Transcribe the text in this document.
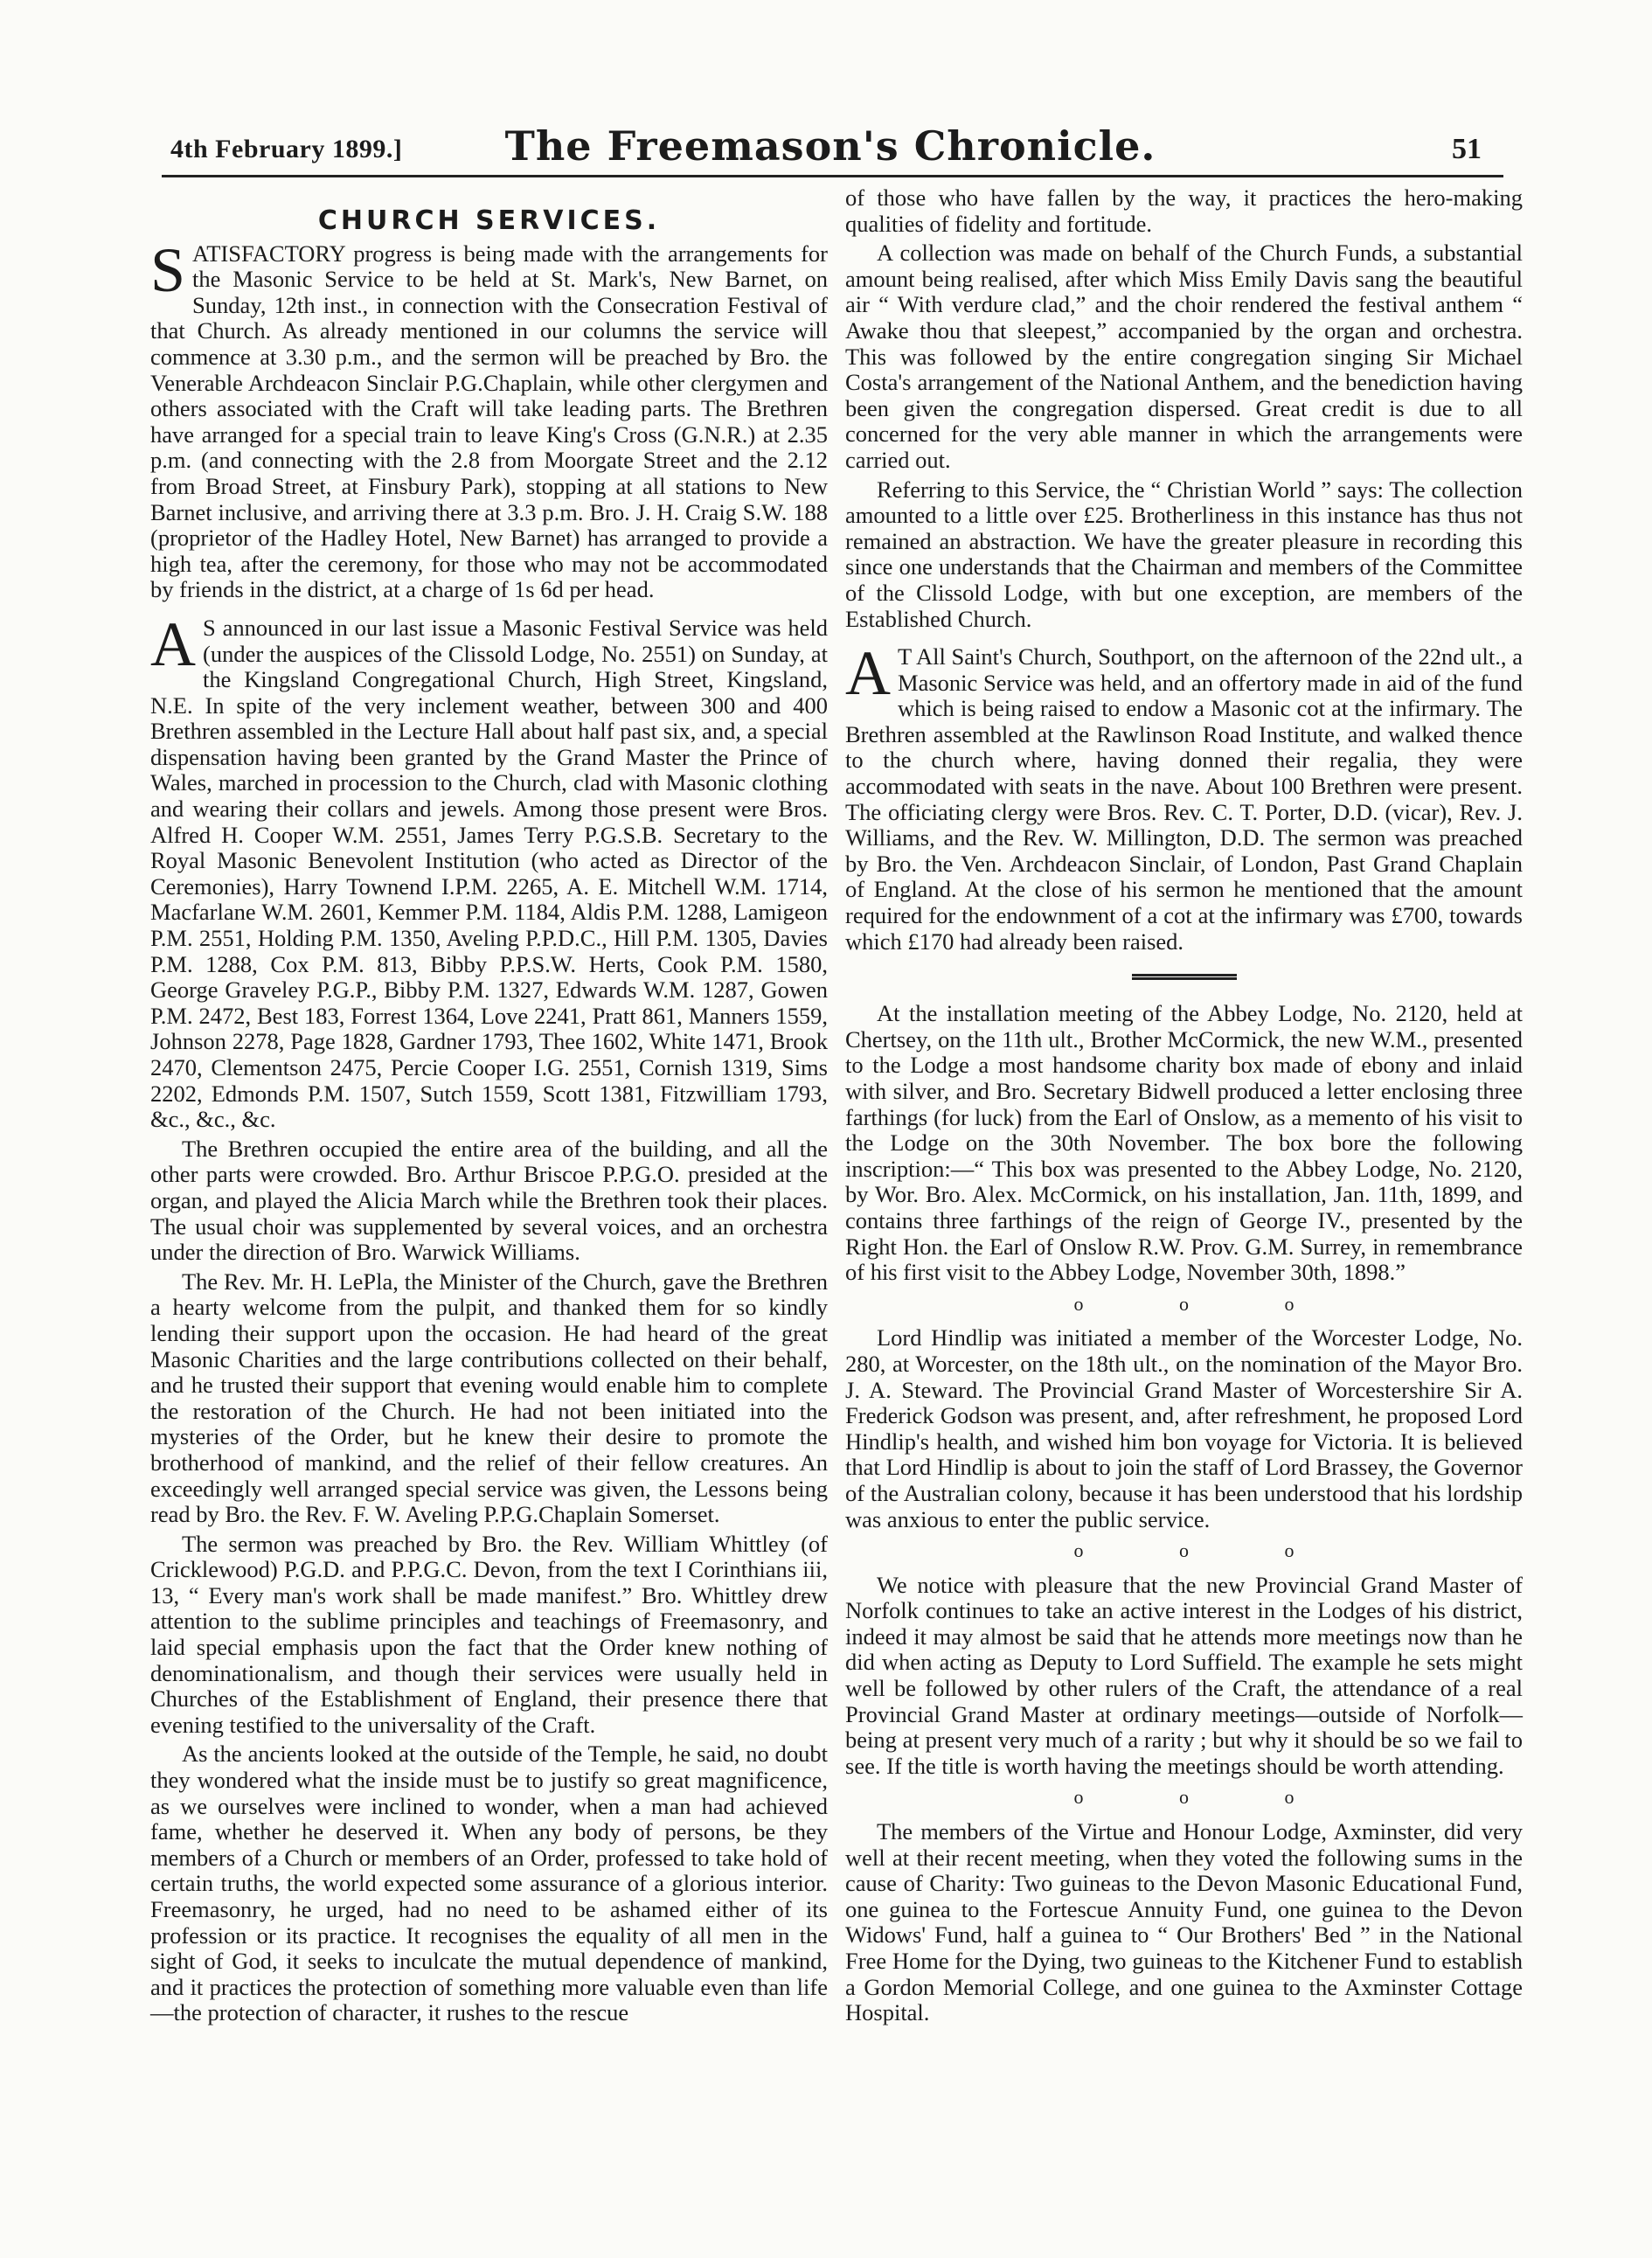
4th February 1899.]	The Freemason's Chronicle.	51
CHURCH SERVICES.

SATISFACTORY progress is being made with the arrangements for the Masonic Service to be held at St. Mark's, New Barnet, on Sunday, 12th inst., in connection with the Consecration Festival of that Church. As already mentioned in our columns the service will commence at 3.30 p.m., and the sermon will be preached by Bro. the Venerable Archdeacon Sinclair P.G.Chaplain, while other clergymen and others associated with the Craft will take leading parts. The Brethren have arranged for a special train to leave King's Cross (G.N.R.) at 2.35 p.m. (and connecting with the 2.8 from Moorgate Street and the 2.12 from Broad Street, at Finsbury Park), stopping at all stations to New Barnet inclusive, and arriving there at 3.3 p.m. Bro. J. H. Craig S.W. 188 (proprietor of the Hadley Hotel, New Barnet) has arranged to provide a high tea, after the ceremony, for those who may not be accommodated by friends in the district, at a charge of 1s 6d per head.

A S announced in our last issue a Masonic Festival Service was held (under the auspices of the Clissold Lodge, No. 2551) on Sunday, at the Kingsland Congregational Church, High Street, Kingsland, N.E. In spite of the very inclement weather, between 300 and 400 Brethren assembled in the Lecture Hall about half past six, and, a special dispensation having been granted by the Grand Master the Prince of Wales, marched in procession to the Church, clad with Masonic clothing and wearing their collars and jewels. Among those present were Bros. Alfred H. Cooper W.M. 2551, James Terry P.G.S.B. Secretary to the Royal Masonic Benevolent Institution (who acted as Director of the Ceremonies), Harry Townend I.P.M. 2265, A. E. Mitchell W.M. 1714, Macfarlane W.M. 2601, Kemmer P.M. 1184, Aldis P.M. 1288, Lamigeon P.M. 2551, Holding P.M. 1350, Aveling P.P.D.C., Hill P.M. 1305, Davies P.M. 1288, Cox P.M. 813, Bibby P.P.S.W. Herts, Cook P.M. 1580, George Graveley P.G.P., Bibby P.M. 1327, Edwards W.M. 1287, Gowen P.M. 2472, Best 183, Forrest 1364, Love 2241, Pratt 861, Manners 1559, Johnson 2278, Page 1828, Gardner 1793, Thee 1602, White 1471, Brook 2470, Clementson 2475, Percie Cooper I.G. 2551, Cornish 1319, Sims 2202, Edmonds P.M. 1507, Sutch 1559, Scott 1381, Fitzwilliam 1793, &c., &c., &c.

The Brethren occupied the entire area of the building, and all the other parts were crowded. Bro. Arthur Briscoe P.P.G.O. presided at the organ, and played the Alicia March while the Brethren took their places. The usual choir was supplemented by several voices, and an orchestra under the direction of Bro. Warwick Williams.

The Rev. Mr. H. LePla, the Minister of the Church, gave the Brethren a hearty welcome from the pulpit, and thanked them for so kindly lending their support upon the occasion. He had heard of the great Masonic Charities and the large contributions collected on their behalf, and he trusted their support that evening would enable him to complete the restoration of the Church. He had not been initiated into the mysteries of the Order, but he knew their desire to promote the brotherhood of mankind, and the relief of their fellow creatures. An exceedingly well arranged special service was given, the Lessons being read by Bro. the Rev. F. W. Aveling P.P.G.Chaplain Somerset.

The sermon was preached by Bro. the Rev. William Whittley (of Cricklewood) P.G.D. and P.P.G.C. Devon, from the text I Corinthians iii, 13, “ Every man's work shall be made manifest.” Bro. Whittley drew attention to the sublime principles and teachings of Freemasonry, and laid special emphasis upon the fact that the Order knew nothing of denominationalism, and though their services were usually held in Churches of the Establishment of England, their presence there that evening testified to the universality of the Craft.

As the ancients looked at the outside of the Temple, he said, no doubt they wondered what the inside must be to justify so great magnificence, as we ourselves were inclined to wonder, when a man had achieved fame, whether he deserved it. When any body of persons, be they members of a Church or members of an Order, professed to take hold of certain truths, the world expected some assurance of a glorious interior. Freemasonry, he urged, had no need to be ashamed either of its profession or its practice. It recognises the equality of all men in the sight of God, it seeks to inculcate the mutual dependence of mankind, and it practices the protection of something more valuable even than life—the protection of character, it rushes to the rescue

of those who have fallen by the way, it practices the hero-making qualities of fidelity and fortitude.

A collection was made on behalf of the Church Funds, a substantial amount being realised, after which Miss Emily Davis sang the beautiful air “ With verdure clad,” and the choir rendered the festival anthem “ Awake thou that sleepest,” accompanied by the organ and orchestra. This was followed by the entire congregation singing Sir Michael Costa's arrangement of the National Anthem, and the benediction having been given the congregation dispersed. Great credit is due to all concerned for the very able manner in which the arrangements were carried out.

Referring to this Service, the “ Christian World ” says: The collection amounted to a little over £25. Brotherliness in this instance has thus not remained an abstraction. We have the greater pleasure in recording this since one understands that the Chairman and members of the Committee of the Clissold Lodge, with but one exception, are members of the Established Church.

A T All Saint's Church, Southport, on the afternoon of the 22nd ult., a Masonic Service was held, and an offertory made in aid of the fund which is being raised to endow a Masonic cot at the infirmary. The Brethren assembled at the Rawlinson Road Institute, and walked thence to the church where, having donned their regalia, they were accommodated with seats in the nave. About 100 Brethren were present. The officiating clergy were Bros. Rev. C. T. Porter, D.D. (vicar), Rev. J. Williams, and the Rev. W. Millington, D.D. The sermon was preached by Bro. the Ven. Archdeacon Sinclair, of London, Past Grand Chaplain of England. At the close of his sermon he mentioned that the amount required for the endownment of a cot at the infirmary was £700, towards which £170 had already been raised.

At the installation meeting of the Abbey Lodge, No. 2120, held at Chertsey, on the 11th ult., Brother McCormick, the new W.M., presented to the Lodge a most handsome charity box made of ebony and inlaid with silver, and Bro. Secretary Bidwell produced a letter enclosing three farthings (for luck) from the Earl of Onslow, as a memento of his visit to the Lodge on the 30th November. The box bore the following inscription:—“ This box was presented to the Abbey Lodge, No. 2120, by Wor. Bro. Alex. McCormick, on his installation, Jan. 11th, 1899, and contains three farthings of the reign of George IV., presented by the Right Hon. the Earl of Onslow R.W. Prov. G.M. Surrey, in remembrance of his first visit to the Abbey Lodge, November 30th, 1898.”

o o o

Lord Hindlip was initiated a member of the Worcester Lodge, No. 280, at Worcester, on the 18th ult., on the nomination of the Mayor Bro. J. A. Steward. The Provincial Grand Master of Worcestershire Sir A. Frederick Godson was present, and, after refreshment, he proposed Lord Hindlip's health, and wished him bon voyage for Victoria. It is believed that Lord Hindlip is about to join the staff of Lord Brassey, the Governor of the Australian colony, because it has been understood that his lordship was anxious to enter the public service.

o o o

We notice with pleasure that the new Provincial Grand Master of Norfolk continues to take an active interest in the Lodges of his district, indeed it may almost be said that he attends more meetings now than he did when acting as Deputy to Lord Suffield. The example he sets might well be followed by other rulers of the Craft, the attendance of a real Provincial Grand Master at ordinary meetings—outside of Norfolk—being at present very much of a rarity ; but why it should be so we fail to see. If the title is worth having the meetings should be worth attending.

o o o

The members of the Virtue and Honour Lodge, Axminster, did very well at their recent meeting, when they voted the following sums in the cause of Charity: Two guineas to the Devon Masonic Educational Fund, one guinea to the Fortescue Annuity Fund, one guinea to the Devon Widows' Fund, half a guinea to “ Our Brothers' Bed ” in the National Free Home for the Dying, two guineas to the Kitchener Fund to establish a Gordon Memorial College, and one guinea to the Axminster Cottage Hospital.
